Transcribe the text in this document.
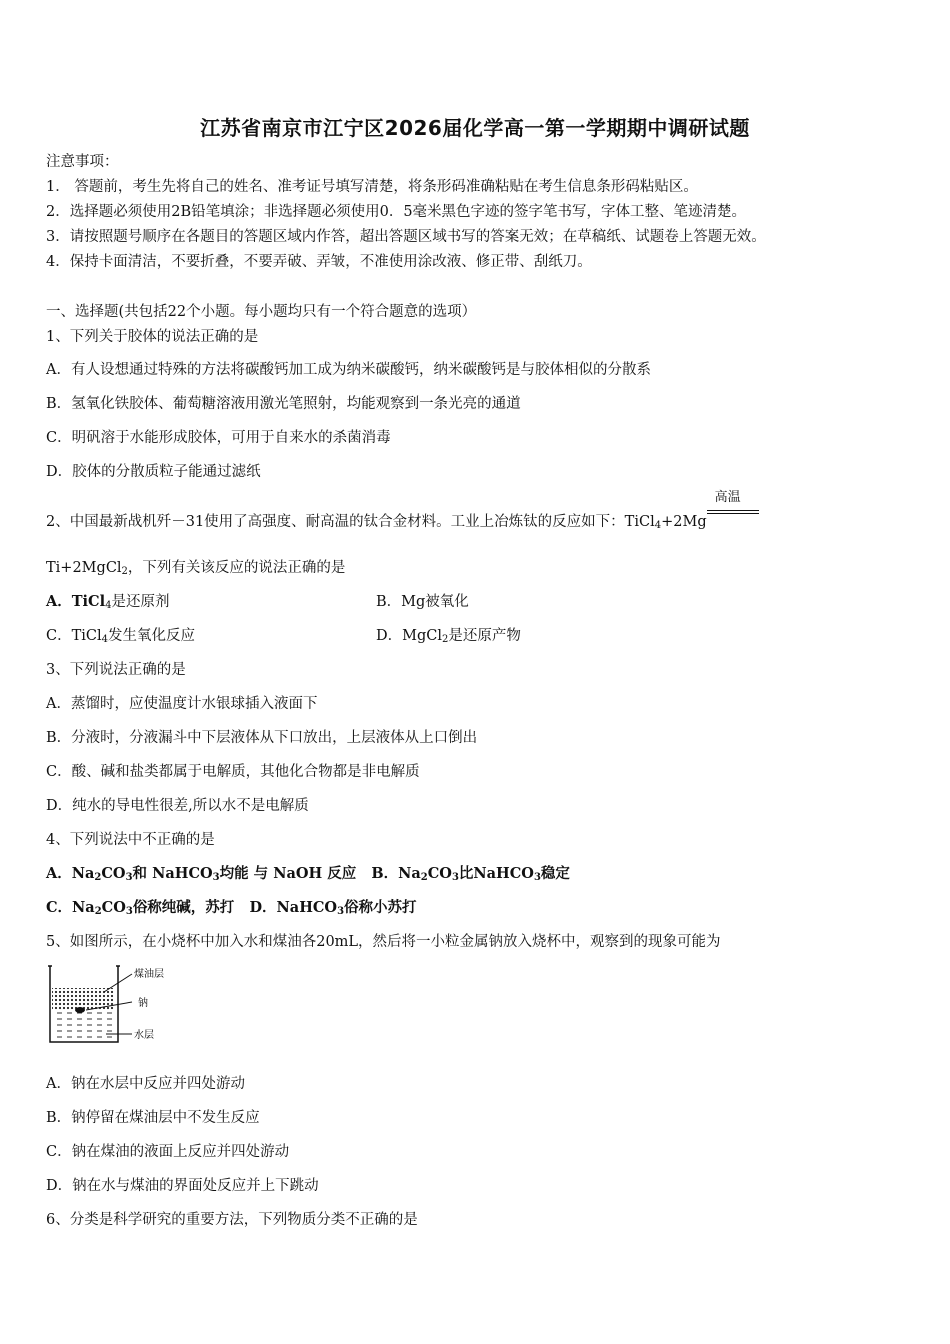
江苏省南京市江宁区2026届化学高一第一学期期中调研试题
注意事项：
1． 答题前，考生先将自己的姓名、准考证号填写清楚，将条形码准确粘贴在考生信息条形码粘贴区。
2．选择题必须使用2B铅笔填涂；非选择题必须使用0．5毫米黑色字迹的签字笔书写，字体工整、笔迹清楚。
3．请按照题号顺序在各题目的答题区域内作答，超出答题区域书写的答案无效；在草稿纸、试题卷上答题无效。
4．保持卡面清洁，不要折叠，不要弄破、弄皱，不准使用涂改液、修正带、刮纸刀。
一、选择题(共包括22个小题。每小题均只有一个符合题意的选项）
1、下列关于胶体的说法正确的是
A．有人设想通过特殊的方法将碳酸钙加工成为纳米碳酸钙，纳米碳酸钙是与胶体相似的分散系
B．氢氧化铁胶体、葡萄糖溶液用激光笔照射，均能观察到一条光亮的通道
C．明矾溶于水能形成胶体，可用于自来水的杀菌消毒
D．胶体的分散质粒子能通过滤纸
2、中国最新战机歼－31使用了高强度、耐高温的钛合金材料。工业上冶炼钛的反应如下：TiCl$_4$+2Mg
高温
Ti+2MgCl$_2$，下列有关该反应的说法正确的是
A．TiCl$_4$是还原剂	B．Mg被氧化
C．TiCl$_4$发生氧化反应	D．MgCl$_2$是还原产物
3、下列说法正确的是
A．蒸馏时，应使温度计水银球插入液面下
B．分液时，分液漏斗中下层液体从下口放出，上层液体从上口倒出
C．酸、碱和盐类都属于电解质，其他化合物都是非电解质
D．纯水的导电性很差,所以水不是电解质
4、下列说法中不正确的是
A．$Na_2CO_3$和 NaHCO$_3$均能 与 NaOH 反应 B．$Na_2CO_3$比NaHCO$_3$稳定
C．$Na_2CO_3$俗称纯碱，苏打 D．NaHCO$_3$俗称小苏打
5、如图所示，在小烧杯中加入水和煤油各20mL，然后将一小粒金属钠放入烧杯中，观察到的现象可能为
煤油层
钠
水层
A．钠在水层中反应并四处游动
B．钠停留在煤油层中不发生反应
C．钠在煤油的液面上反应并四处游动
D．钠在水与煤油的界面处反应并上下跳动
6、分类是科学研究的重要方法，下列物质分类不正确的是
